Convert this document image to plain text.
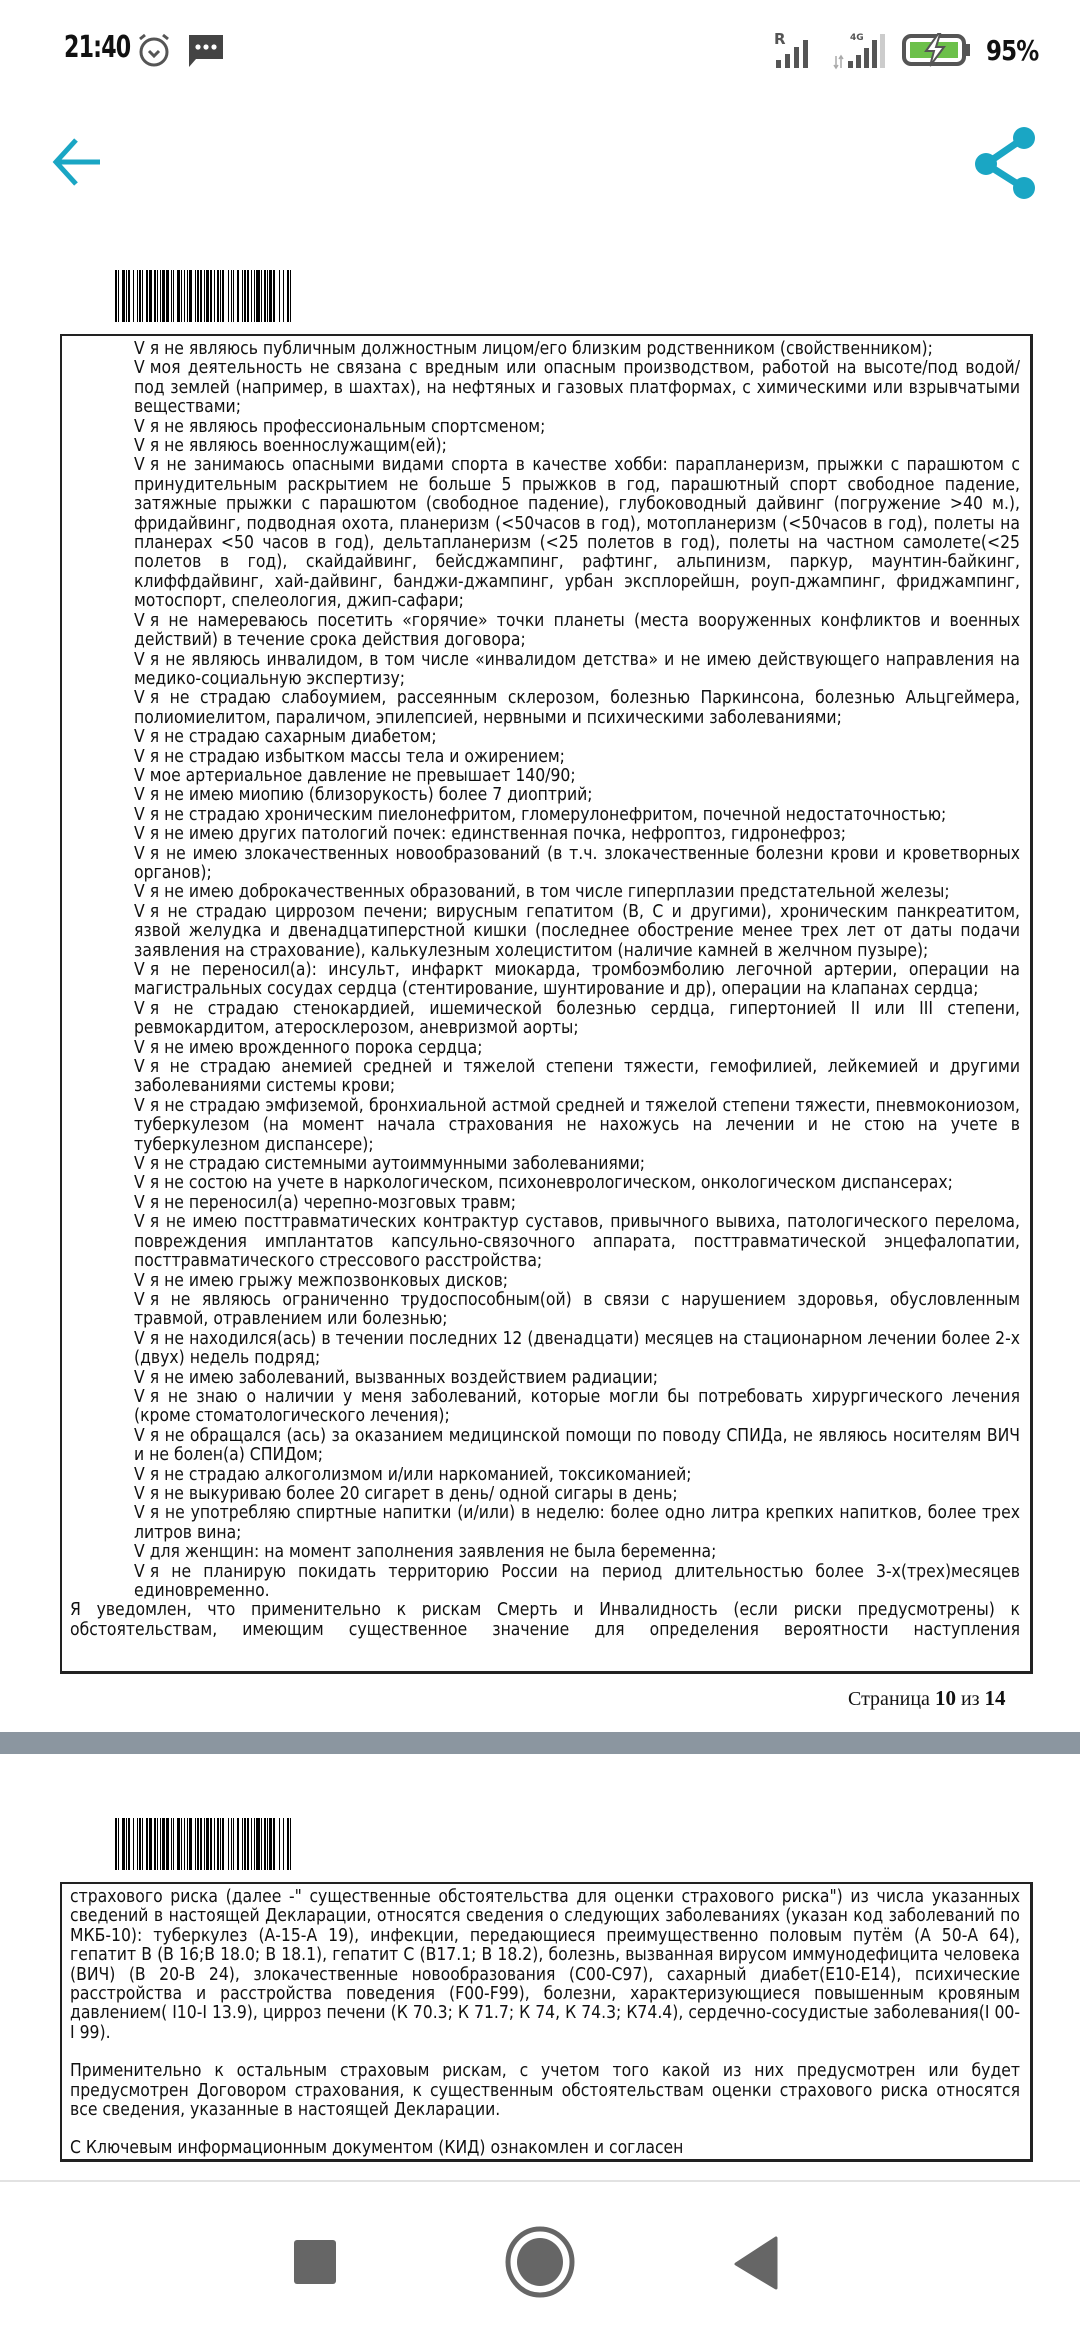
21:40	R	4G	95%
V я не являюсь публичным должностным лицом/его близким родственником (свойственником);
V моя деятельность не связана с вредным или опасным производством, работой на высоте/под водой/под землей (например, в шахтах), на нефтяных и газовых платформах, с химическими или взрывчатыми веществами;
V я не являюсь профессиональным спортсменом;
V я не являюсь военнослужащим(ей);
V я не занимаюсь опасными видами спорта в качестве хобби: парапланеризм, прыжки с парашютом с принудительным раскрытием не больше 5 прыжков в год, парашютный спорт свободное падение, затяжные прыжки с парашютом (свободное падение), глубоководный дайвинг (погружение >40 м.), фридайвинг, подводная охота, планеризм (<50часов в год), мотопланеризм (<50часов в год), полеты на планерах <50 часов в год), дельтапланеризм (<25 полетов в год), полеты на частном самолете(<25 полетов в год), скайдайвинг, бейсджампинг, рафтинг, альпинизм, паркур, маунтин-байкинг, клиффдайвинг, хай-дайвинг, банджи-джампинг, урбан эксплорейшн, роуп-джампинг, фриджампинг, мотоспорт, спелеология, джип-сафари;
V я не намереваюсь посетить «горячие» точки планеты (места вооруженных конфликтов и военных действий) в течение срока действия договора;
V я не являюсь инвалидом, в том числе «инвалидом детства» и не имею действующего направления на медико-социальную экспертизу;
V я не страдаю слабоумием, рассеянным склерозом, болезнью Паркинсона, болезнью Альцгеймера, полиомиелитом, параличом, эпилепсией, нервными и психическими заболеваниями;
V я не страдаю сахарным диабетом;
V я не страдаю избытком массы тела и ожирением;
V мое артериальное давление не превышает 140/90;
V я не имею миопию (близорукость) более 7 диоптрий;
V я не страдаю хроническим пиелонефритом, гломерулонефритом, почечной недостаточностью;
V я не имею других патологий почек: единственная почка, нефроптоз, гидронефроз;
V я не имею злокачественных новообразований (в т.ч. злокачественные болезни крови и кроветворных органов);
V я не имею доброкачественных образований, в том числе гиперплазии предстательной железы;
V я не страдаю циррозом печени; вирусным гепатитом (В, С и другими), хроническим панкреатитом, язвой желудка и двенадцатиперстной кишки (последнее обострение менее трех лет от даты подачи заявления на страхование), калькулезным холециститом (наличие камней в желчном пузыре);
V я не переносил(а): инсульт, инфаркт миокарда, тромбоэмболию легочной артерии, операции на магистральных сосудах сердца (стентирование, шунтирование и др), операции на клапанах сердца;
V я не страдаю стенокардией, ишемической болезнью сердца, гипертонией II или III степени, ревмокардитом, атеросклерозом, аневризмой аорты;
V я не имею врожденного порока сердца;
V я не страдаю анемией средней и тяжелой степени тяжести, гемофилией, лейкемией и другими заболеваниями системы крови;
V я не страдаю эмфиземой, бронхиальной астмой средней и тяжелой степени тяжести, пневмокониозом, туберкулезом (на момент начала страхования не нахожусь на лечении и не стою на учете в туберкулезном диспансере);
V я не страдаю системными аутоиммунными заболеваниями;
V я не состою на учете в наркологическом, психоневрологическом, онкологическом диспансерах;
V я не переносил(а) черепно-мозговых травм;
V я не имею посттравматических контрактур суставов, привычного вывиха, патологического перелома, повреждения имплантатов капсульно-связочного аппарата, посттравматической энцефалопатии, посттравматического стрессового расстройства;
V я не имею грыжу межпозвонковых дисков;
V я не являюсь ограниченно трудоспособным(ой) в связи с нарушением здоровья, обусловленным травмой, отравлением или болезнью;
V я не находился(ась) в течении последних 12 (двенадцати) месяцев на стационарном лечении более 2-х (двух) недель подряд;
V я не имею заболеваний, вызванных воздействием радиации;
V я не знаю о наличии у меня заболеваний, которые могли бы потребовать хирургического лечения (кроме стоматологического лечения);
V я не обращался (ась) за оказанием медицинской помощи по поводу СПИДа, не являюсь носителям ВИЧ и не болен(а) СПИДом;
V я не страдаю алкоголизмом и/или наркоманией, токсикоманией;
V я не выкуриваю более 20 сигарет в день/ одной сигары в день;
V я не употребляю спиртные напитки (и/или) в неделю: более одно литра крепких напитков, более трех литров вина;
V для женщин: на момент заполнения заявления не была беременна;
V я не планирую покидать территорию России на период длительностью более 3-х(трех)месяцев единовременно.
Я уведомлен, что применительно к рискам Смерть и Инвалидность (если риски предусмотрены) к обстоятельствам, имеющим существенное значение для определения вероятности наступления
Страница 10 из 14
страхового риска (далее -" существенные обстоятельства для оценки страхового риска") из числа указанных сведений в настоящей Декларации, относятся сведения о следующих заболеваниях (указан код заболеваний по МКБ-10): туберкулез (А-15-А 19), инфекции, передающиеся преимущественно половым путём (А 50-А 64), гепатит В (В 16;В 18.0; В 18.1), гепатит С (В17.1; В 18.2), болезнь, вызванная вирусом иммунодефицита человека (ВИЧ) (В 20-В 24), злокачественные новообразования (С00-С97), сахарный диабет(Е10-Е14), психические расстройства и расстройства поведения (F00-F99), болезни, характеризующиеся повышенным кровяным давлением( I10-I 13.9), цирроз печени (К 70.3; К 71.7; К 74, К 74.3; К74.4), сердечно-сосудистые заболевания(I 00-I 99).
Применительно к остальным страховым рискам, с учетом того какой из них предусмотрен или будет предусмотрен Договором страхования, к существенным обстоятельствам оценки страхового риска относятся все сведения, указанные в настоящей Декларации.
С Ключевым информационным документом (КИД) ознакомлен и согласен
